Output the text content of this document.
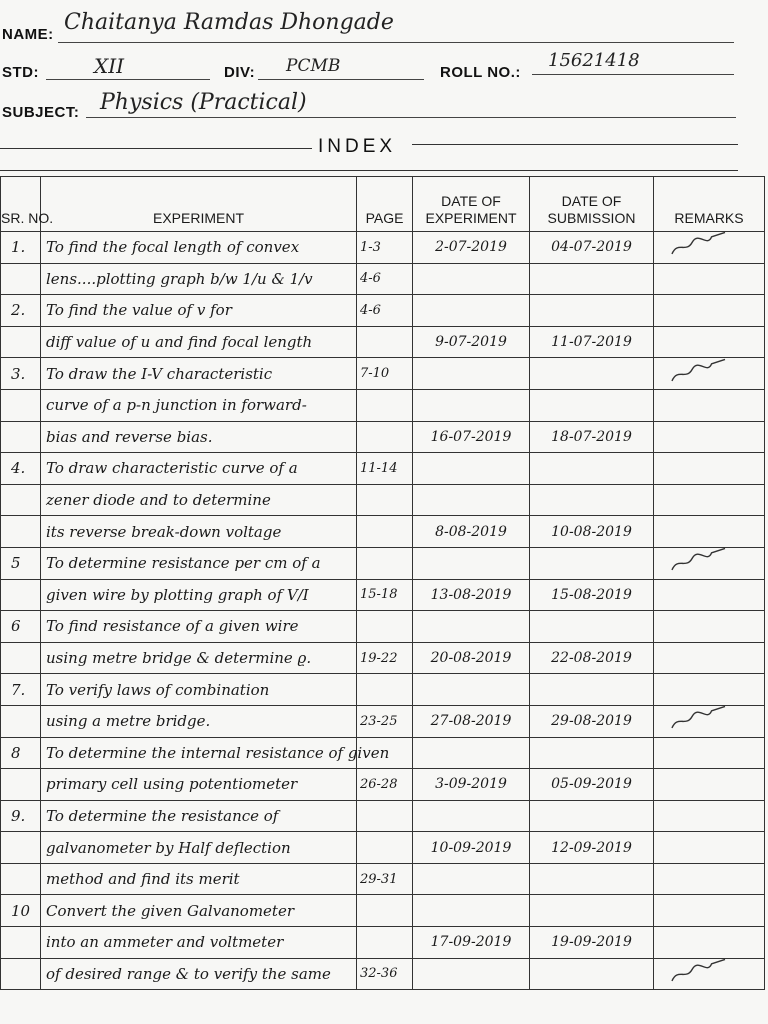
NAME: Chaitanya Ramdas Dhongade
STD:	XII	DIV: PCMB	ROLL NO.:
15621418
SUBJECT: Physics (Practical)
INDEX
SR. NO.	EXPERIMENT	PAGE	DATE OF EXPERIMENT	DATE OF SUBMISSION	REMARKS
1.	To find the focal length of convex	1-3	2-07-2019	04-07-2019	
	lens....plotting graph b/w 1/u & 1/v	4-6			
2.	To find the value of v for	4-6			
	diff value of u and find focal length		9-07-2019	11-07-2019	
3.	To draw the I-V characteristic	7-10			
	curve of a p-n junction in forward-				
	bias and reverse bias.		16-07-2019	18-07-2019	
4.	To draw characteristic curve of a	11-14			
	zener diode and to determine				
	its reverse break-down voltage		8-08-2019	10-08-2019	
5	To determine resistance per cm of a				
	given wire by plotting graph of V/I	15-18	13-08-2019	15-08-2019	
6	To find resistance of a given wire				
	using metre bridge & determine ϱ.	19-22	20-08-2019	22-08-2019	
7.	To verify laws of combination				
	using a metre bridge.	23-25	27-08-2019	29-08-2019	
8	To determine the internal resistance of given				
	primary cell using potentiometer	26-28	3-09-2019	05-09-2019	
9.	To determine the resistance of				
	galvanometer by Half deflection		10-09-2019	12-09-2019	
	method and find its merit	29-31			
10	Convert the given Galvanometer				
	into an ammeter and voltmeter		17-09-2019	19-09-2019	
	of desired range & to verify the same	32-36			
